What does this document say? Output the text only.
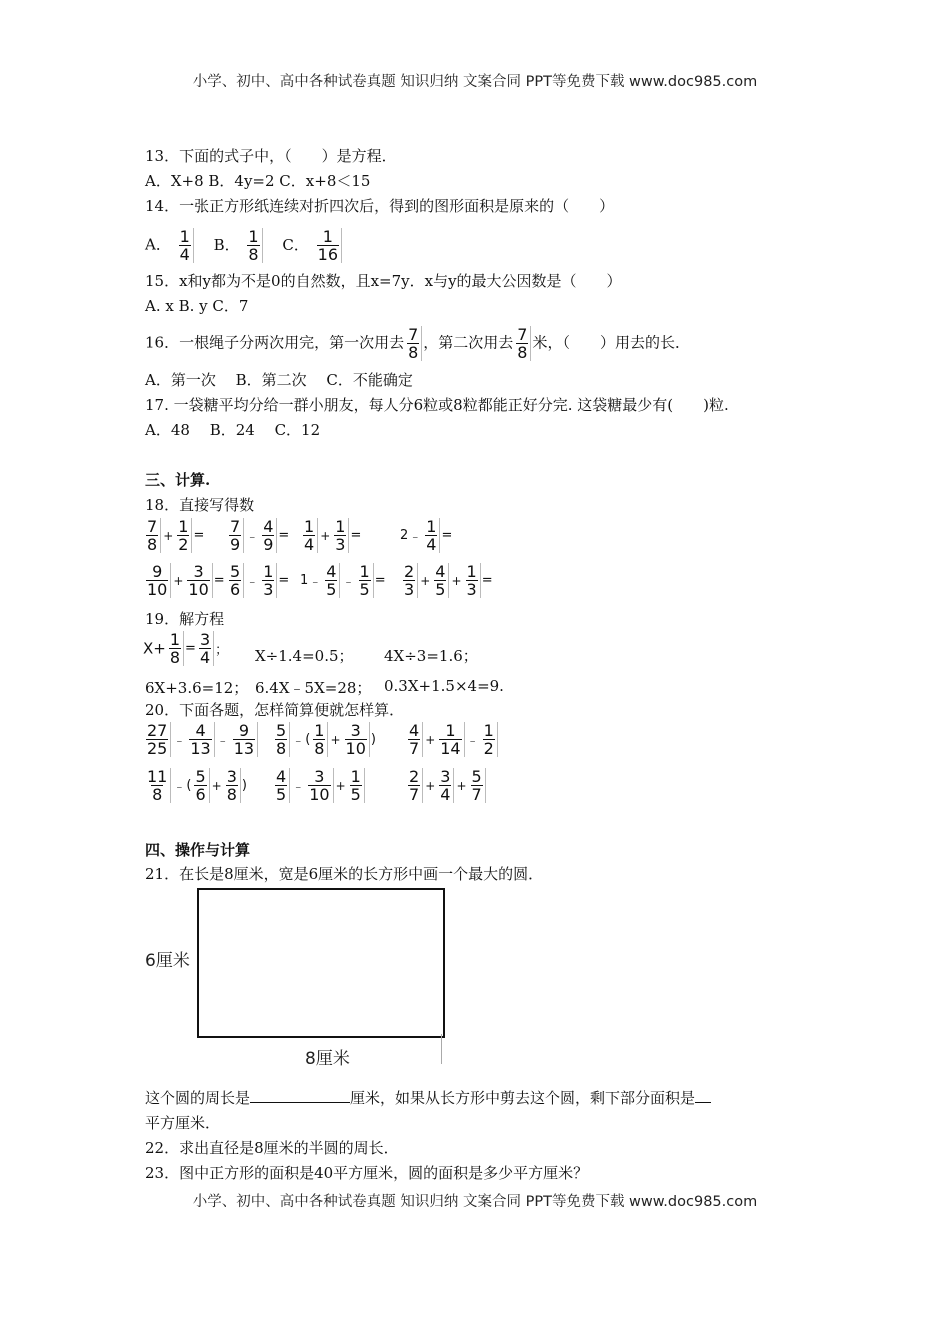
小学、初中、高中各种试卷真题 知识归纳 文案合同 PPT等免费下载 www.doc985.com
13．下面的式子中，（　　）是方程．
A．X+8 B．4y=2 C．x+8＜15
14．一张正方形纸连续对折四次后，得到的图形面积是原来的（　　）
A． $\frac{1}{4}$ B． $\frac{1}{8}$ C． $\frac{1}{16}$
15．x和y都为不是0的自然数，且x=7y．x与y的最大公因数是（　　）
A. x B. y C．7
16．一根绳子分两次用完，第一次用去 $\frac{7}{8}$ ，第二次用去 $\frac{7}{8}$ 米，（　　）用去的长．
A．第一次　 B．第二次　 C．不能确定
17. 一袋糖平均分给一群小朋友，每人分6粒或8粒都能正好分完. 这袋糖最少有(　　)粒.
A．48　 B．24　 C．12
三、计算.
18．直接写得数
$\frac{7}{8} + \frac{1}{2} = \frac{7}{9}$ ﹣ $\frac{4}{9} = \frac{1}{4} + \frac{1}{3}$ =	2﹣ $\frac{1}{4}$ =
$\frac{9}{10} + \frac{3}{10} = \frac{5}{6}$ ﹣ $\frac{1}{3}$ = 1﹣ $\frac{4}{5}$ ﹣ $\frac{1}{5} = \frac{2}{3} + \frac{4}{5} + \frac{1}{3}$ =
19．解方程
$X+ \frac{1}{8} = \frac{3}{4}$ ； X÷1.4=0.5； 4X÷3=1.6；
6X+3.6=12； 6.4X﹣5X=28； 0.3X+1.5×4=9.
20．下面各题，怎样简算便就怎样算．
$\frac{27}{25}$ ﹣ $\frac{4}{13}$ ﹣ $\frac{9}{13} \frac{5}{8}$ ﹣( $\frac{1}{8} + \frac{3}{10}$ ) $\frac{4}{7} + \frac{1}{14}$ ﹣ $\frac{1}{2}$
$\frac{11}{8}$ ﹣( $\frac{5}{6} + \frac{3}{8}$ ) $\frac{4}{5}$ ﹣ $\frac{3}{10} + \frac{1}{5}$	$\frac{2}{7} + \frac{3}{4} + \frac{5}{7}$
四、操作与计算
21．在长是8厘米，宽是6厘米的长方形中画一个最大的圆．
6厘米
8厘米
这个圆的周长是	厘米，如果从长方形中剪去这个圆，剩下部分面积是
平方厘米．
22．求出直径是8厘米的半圆的周长．
23．图中正方形的面积是40平方厘米，圆的面积是多少平方厘米？
小学、初中、高中各种试卷真题 知识归纳 文案合同 PPT等免费下载 www.doc985.com
